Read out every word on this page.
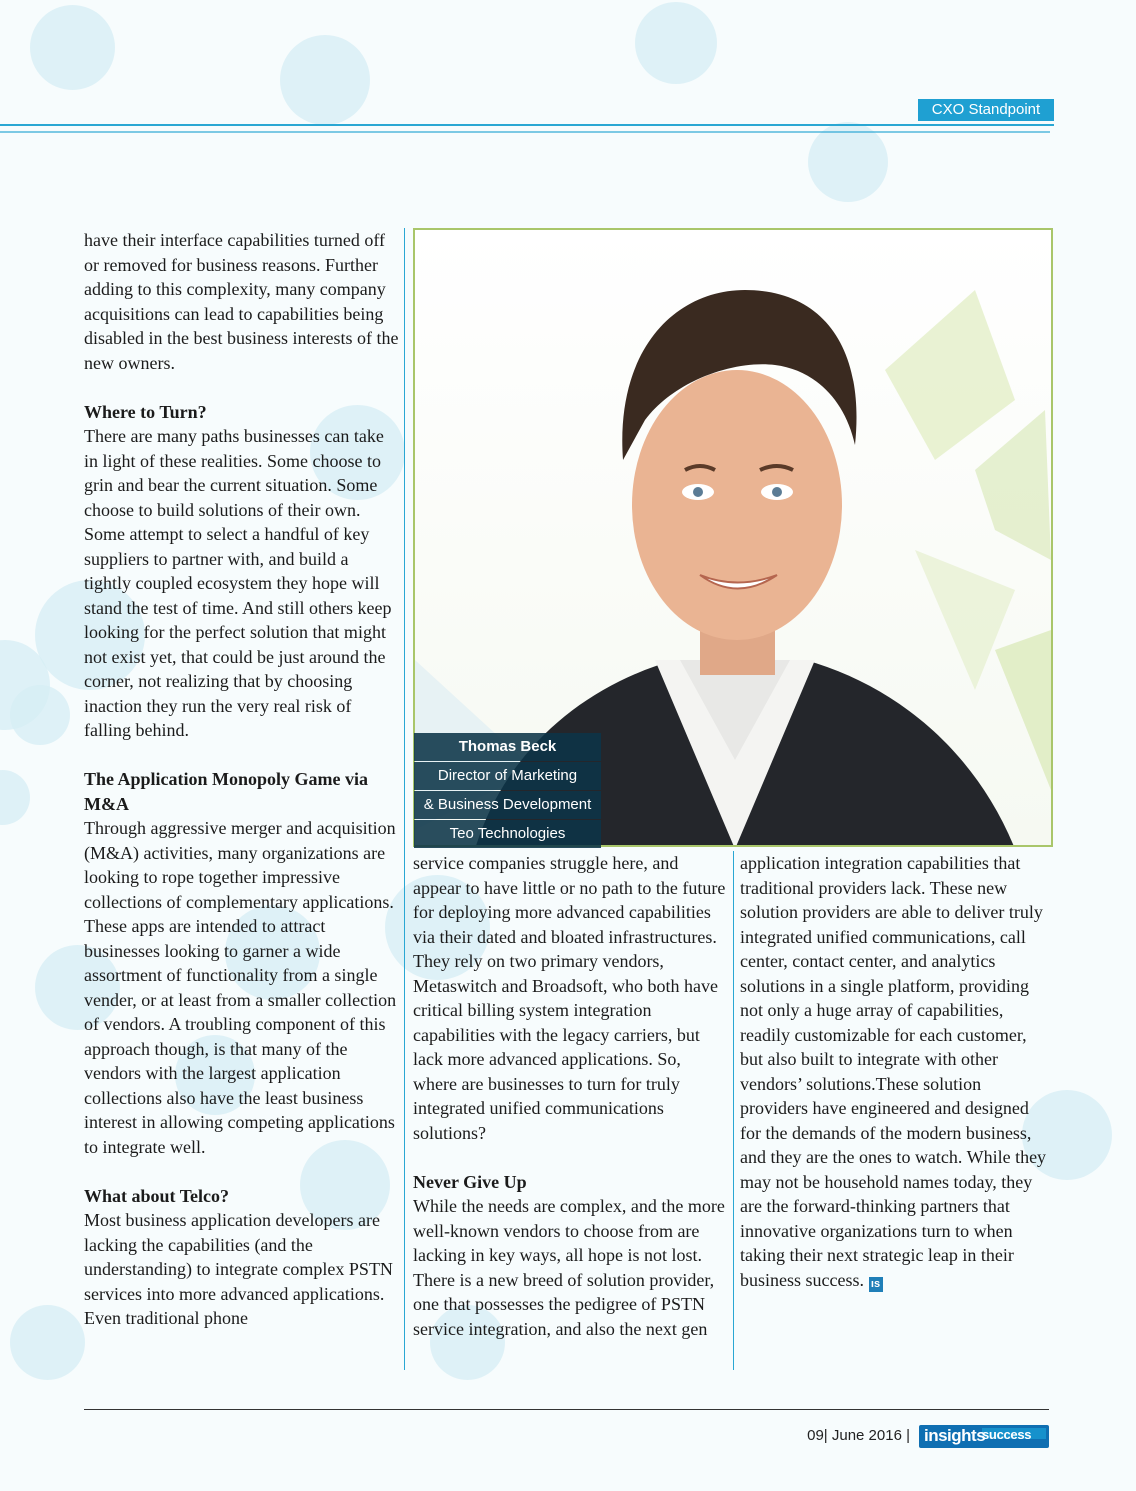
CXO Standpoint

have their interface capabilities turned off or removed for business reasons. Further adding to this complexity, many company acquisitions can lead to capabilities being disabled in the best business interests of the new owners.

Where to Turn?

There are many paths businesses can take in light of these realities. Some choose to grin and bear the current situation. Some choose to build solutions of their own. Some attempt to select a handful of key suppliers to partner with, and build a tightly coupled ecosystem they hope will stand the test of time. And still others keep looking for the perfect solution that might not exist yet, that could be just around the corner, not realizing that by choosing inaction they run the very real risk of falling behind.

The Application Monopoly Game via M&A

Through aggressive merger and acquisition (M&A) activities, many organizations are looking to rope together impressive collections of complementary applications. These apps are intended to attract businesses looking to garner a wide assortment of functionality from a single vender, or at least from a smaller collection of vendors. A troubling component of this approach though, is that many of the vendors with the largest application collections also have the least business interest in allowing competing applications to integrate well.

What about Telco?

Most business application developers are lacking the capabilities (and the understanding) to integrate complex PSTN services into more advanced applications. Even traditional phone

Thomas Beck
Director of Marketing
& Business Development
Teo Technologies

service companies struggle here, and appear to have little or no path to the future for deploying more advanced capabilities via their dated and bloated infrastructures. They rely on two primary vendors, Metaswitch and Broadsoft, who both have critical billing system integration capabilities with the legacy carriers, but lack more advanced applications. So, where are businesses to turn for truly integrated unified communications solutions?

Never Give Up

While the needs are complex, and the more well-known vendors to choose from are lacking in key ways, all hope is not lost. There is a new breed of solution provider, one that possesses the pedigree of PSTN service integration, and also the next gen

application integration capabilities that traditional providers lack. These new solution providers are able to deliver truly integrated unified communications, call center, contact center, and analytics solutions in a single platform, providing not only a huge array of capabilities, readily customizable for each customer, but also built to integrate with other vendors’ solutions.These solution providers have engineered and designed for the demands of the modern business, and they are the ones to watch. While they may not be household names today, they are the forward-thinking partners that innovative organizations turn to when taking their next strategic leap in their business success. ıs

09| June 2016 | insights
success
